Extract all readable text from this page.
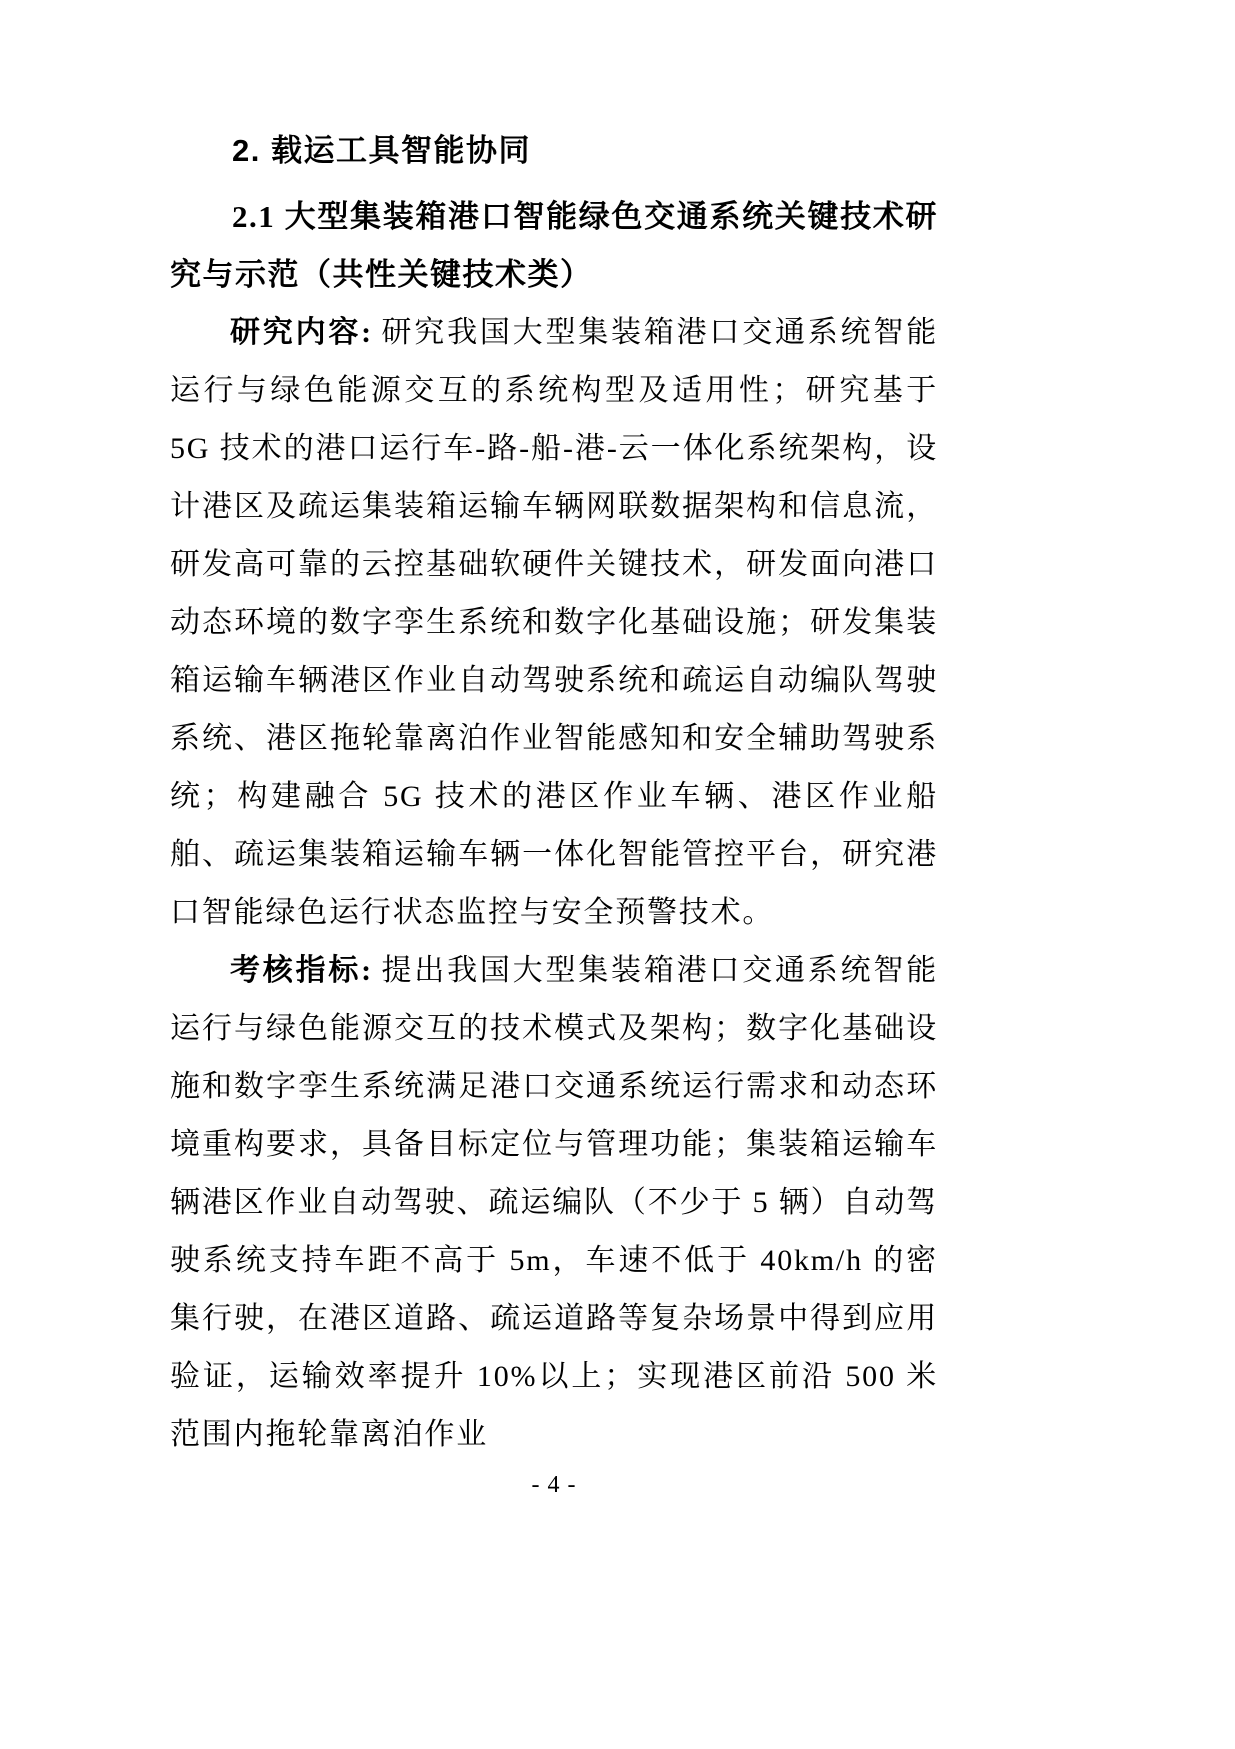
2. 载运工具智能协同
2.1 大型集装箱港口智能绿色交通系统关键技术研究与示范（共性关键技术类）

研究内容: 研究我国大型集装箱港口交通系统智能运行与绿色能源交互的系统构型及适用性；研究基于 5G 技术的港口运行车-路-船-港-云一体化系统架构，设计港区及疏运集装箱运输车辆网联数据架构和信息流，研发高可靠的云控基础软硬件关键技术，研发面向港口动态环境的数字孪生系统和数字化基础设施；研发集装箱运输车辆港区作业自动驾驶系统和疏运自动编队驾驶系统、港区拖轮靠离泊作业智能感知和安全辅助驾驶系统；构建融合 5G 技术的港区作业车辆、港区作业船舶、疏运集装箱运输车辆一体化智能管控平台，研究港口智能绿色运行状态监控与安全预警技术。

考核指标: 提出我国大型集装箱港口交通系统智能运行与绿色能源交互的技术模式及架构；数字化基础设施和数字孪生系统满足港口交通系统运行需求和动态环境重构要求，具备目标定位与管理功能；集装箱运输车辆港区作业自动驾驶、疏运编队（不少于 5 辆）自动驾驶系统支持车距不高于 5m，车速不低于 40km/h 的密集行驶，在港区道路、疏运道路等复杂场景中得到应用验证，运输效率提升 10%以上；实现港区前沿 500 米范围内拖轮靠离泊作业

- 4 -
